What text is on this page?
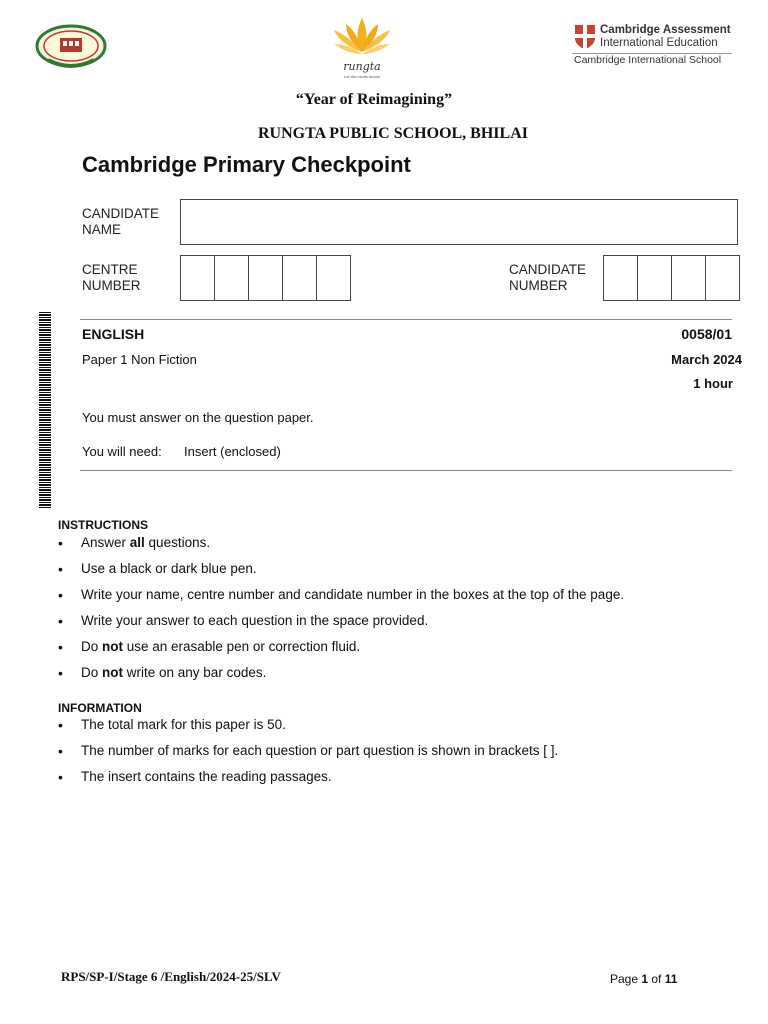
rungta
Let the minds bloom
Cambridge Assessment
International Education
Cambridge International School
“Year of Reimagining”
RUNGTA PUBLIC SCHOOL, BHILAI
Cambridge Primary Checkpoint
CANDIDATE
NAME
CENTRE
NUMBER
CANDIDATE
NUMBER
ENGLISH	0058/01
Paper 1 Non Fiction	March 2024
1 hour
You must answer on the question paper.
You will need: Insert (enclosed)
INSTRUCTIONS
• Answer all questions.
• Use a black or dark blue pen.
• Write your name, centre number and candidate number in the boxes at the top of the page.
• Write your answer to each question in the space provided.
• Do not use an erasable pen or correction fluid.
• Do not write on any bar codes.
INFORMATION
• The total mark for this paper is 50.
• The number of marks for each question or part question is shown in brackets [ ].
• The insert contains the reading passages.
RPS/SP-I/Stage 6 /English/2024-25/SLV	Page 1 of 11
